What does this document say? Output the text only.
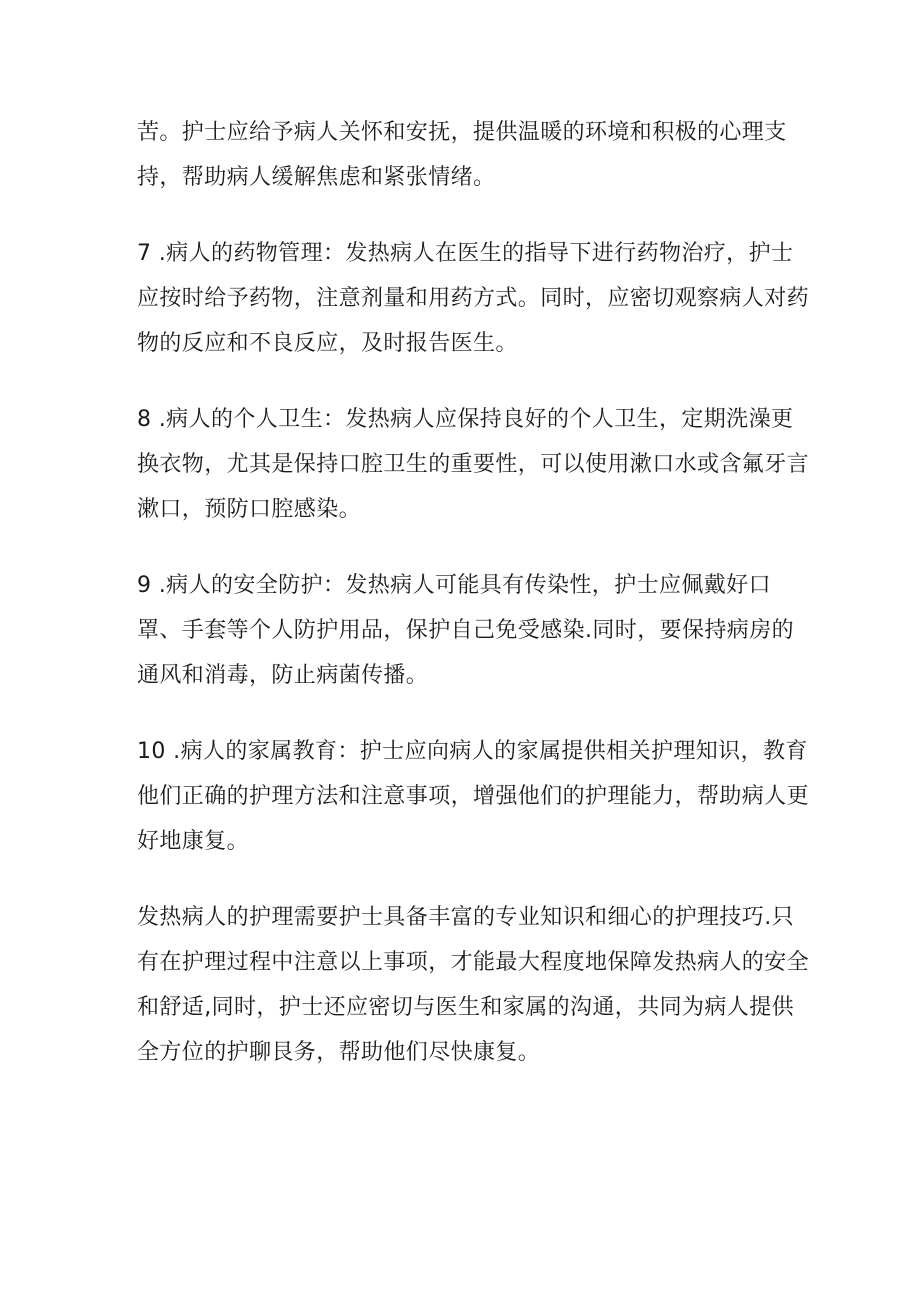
苦。护士应给予病人关怀和安抚，提供温暖的环境和积极的心理支
持，帮助病人缓解焦虑和紧张情绪。
7 .病人的药物管理：发热病人在医生的指导下进行药物治疗，护士
应按时给予药物，注意剂量和用药方式。同时，应密切观察病人对药
物的反应和不良反应，及时报告医生。
8 .病人的个人卫生：发热病人应保持良好的个人卫生，定期洗澡更
换衣物，尤其是保持口腔卫生的重要性，可以使用漱口水或含氟牙言
漱口，预防口腔感染。
9 .病人的安全防护：发热病人可能具有传染性，护士应佩戴好口
罩、手套等个人防护用品，保护自己免受感染.同时，要保持病房的
通风和消毒，防止病菌传播。
10 .病人的家属教育：护士应向病人的家属提供相关护理知识，教育
他们正确的护理方法和注意事项，增强他们的护理能力，帮助病人更
好地康复。
发热病人的护理需要护士具备丰富的专业知识和细心的护理技巧.只
有在护理过程中注意以上事项，才能最大程度地保障发热病人的安全
和舒适,同时，护士还应密切与医生和家属的沟通，共同为病人提供
全方位的护聊艮务，帮助他们尽快康复。
